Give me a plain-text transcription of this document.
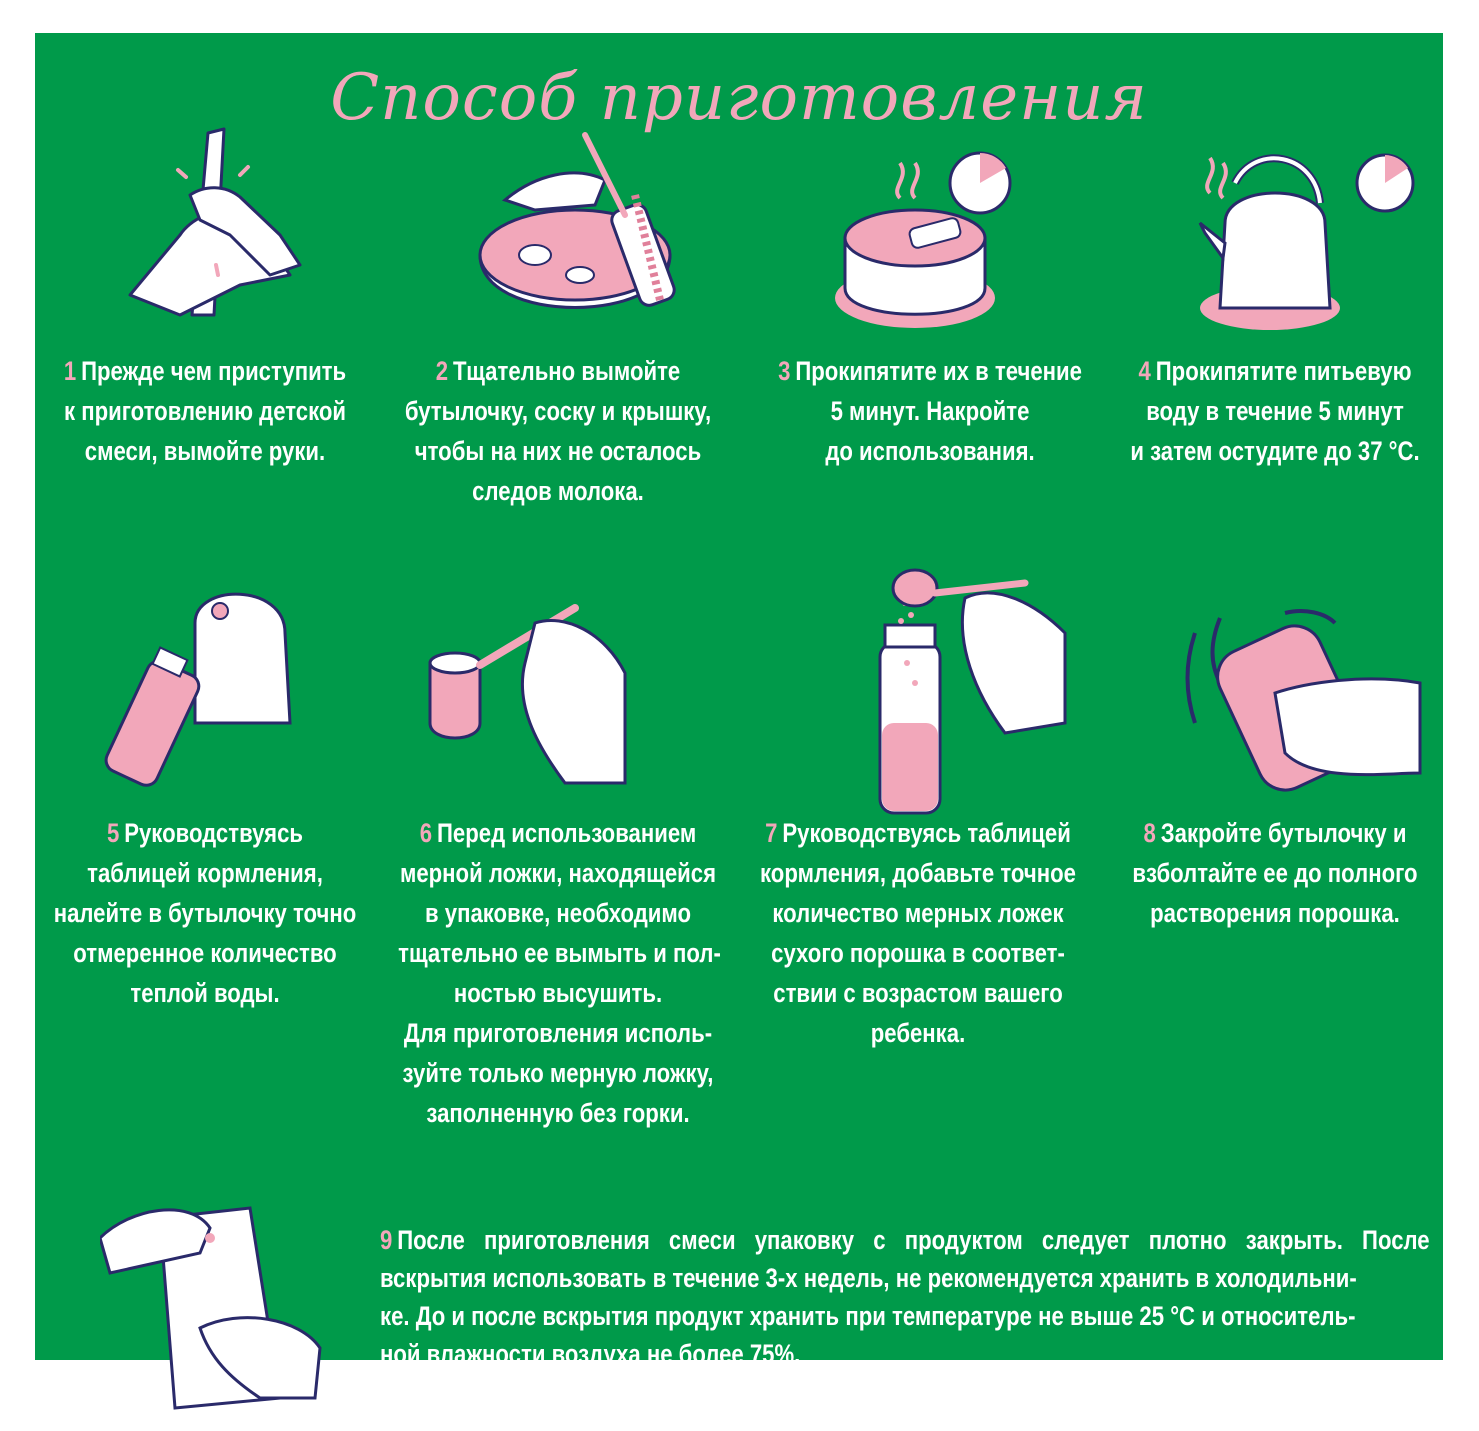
Способ приготовления
1 Прежде чем приступить
к приготовлению детской
смеси, вымойте руки.
2 Тщательно вымойте
бутылочку, соску и крышку,
чтобы на них не осталось
следов молока.
3 Прокипятите их в течение
5 минут. Накройте
до использования.
4 Прокипятите питьевую
воду в течение 5 минут
и затем остудите до 37 °С.
5 Руководствуясь
таблицей кормления,
налейте в бутылочку точно
отмеренное количество
теплой воды.
6 Перед использованием
мерной ложки, находящейся
в упаковке, необходимо
тщательно ее вымыть и пол-
ностью высушить.
Для приготовления исполь-
зуйте только мерную ложку,
заполненную без горки.
7 Руководствуясь таблицей
кормления, добавьте точное
количество мерных ложек
сухого порошка в соответ-
ствии с возрастом вашего
ребенка.
8 Закройте бутылочку и
взболтайте ее до полного
растворения порошка.
9 После приготовления смеси упаковку с продуктом следует плотно закрыть. После
вскрытия использовать в течение 3-х недель, не рекомендуется хранить в холодильни-
ке. До и после вскрытия продукт хранить при температуре не выше 25 °С и относитель-
ной влажности воздуха не более 75%.
